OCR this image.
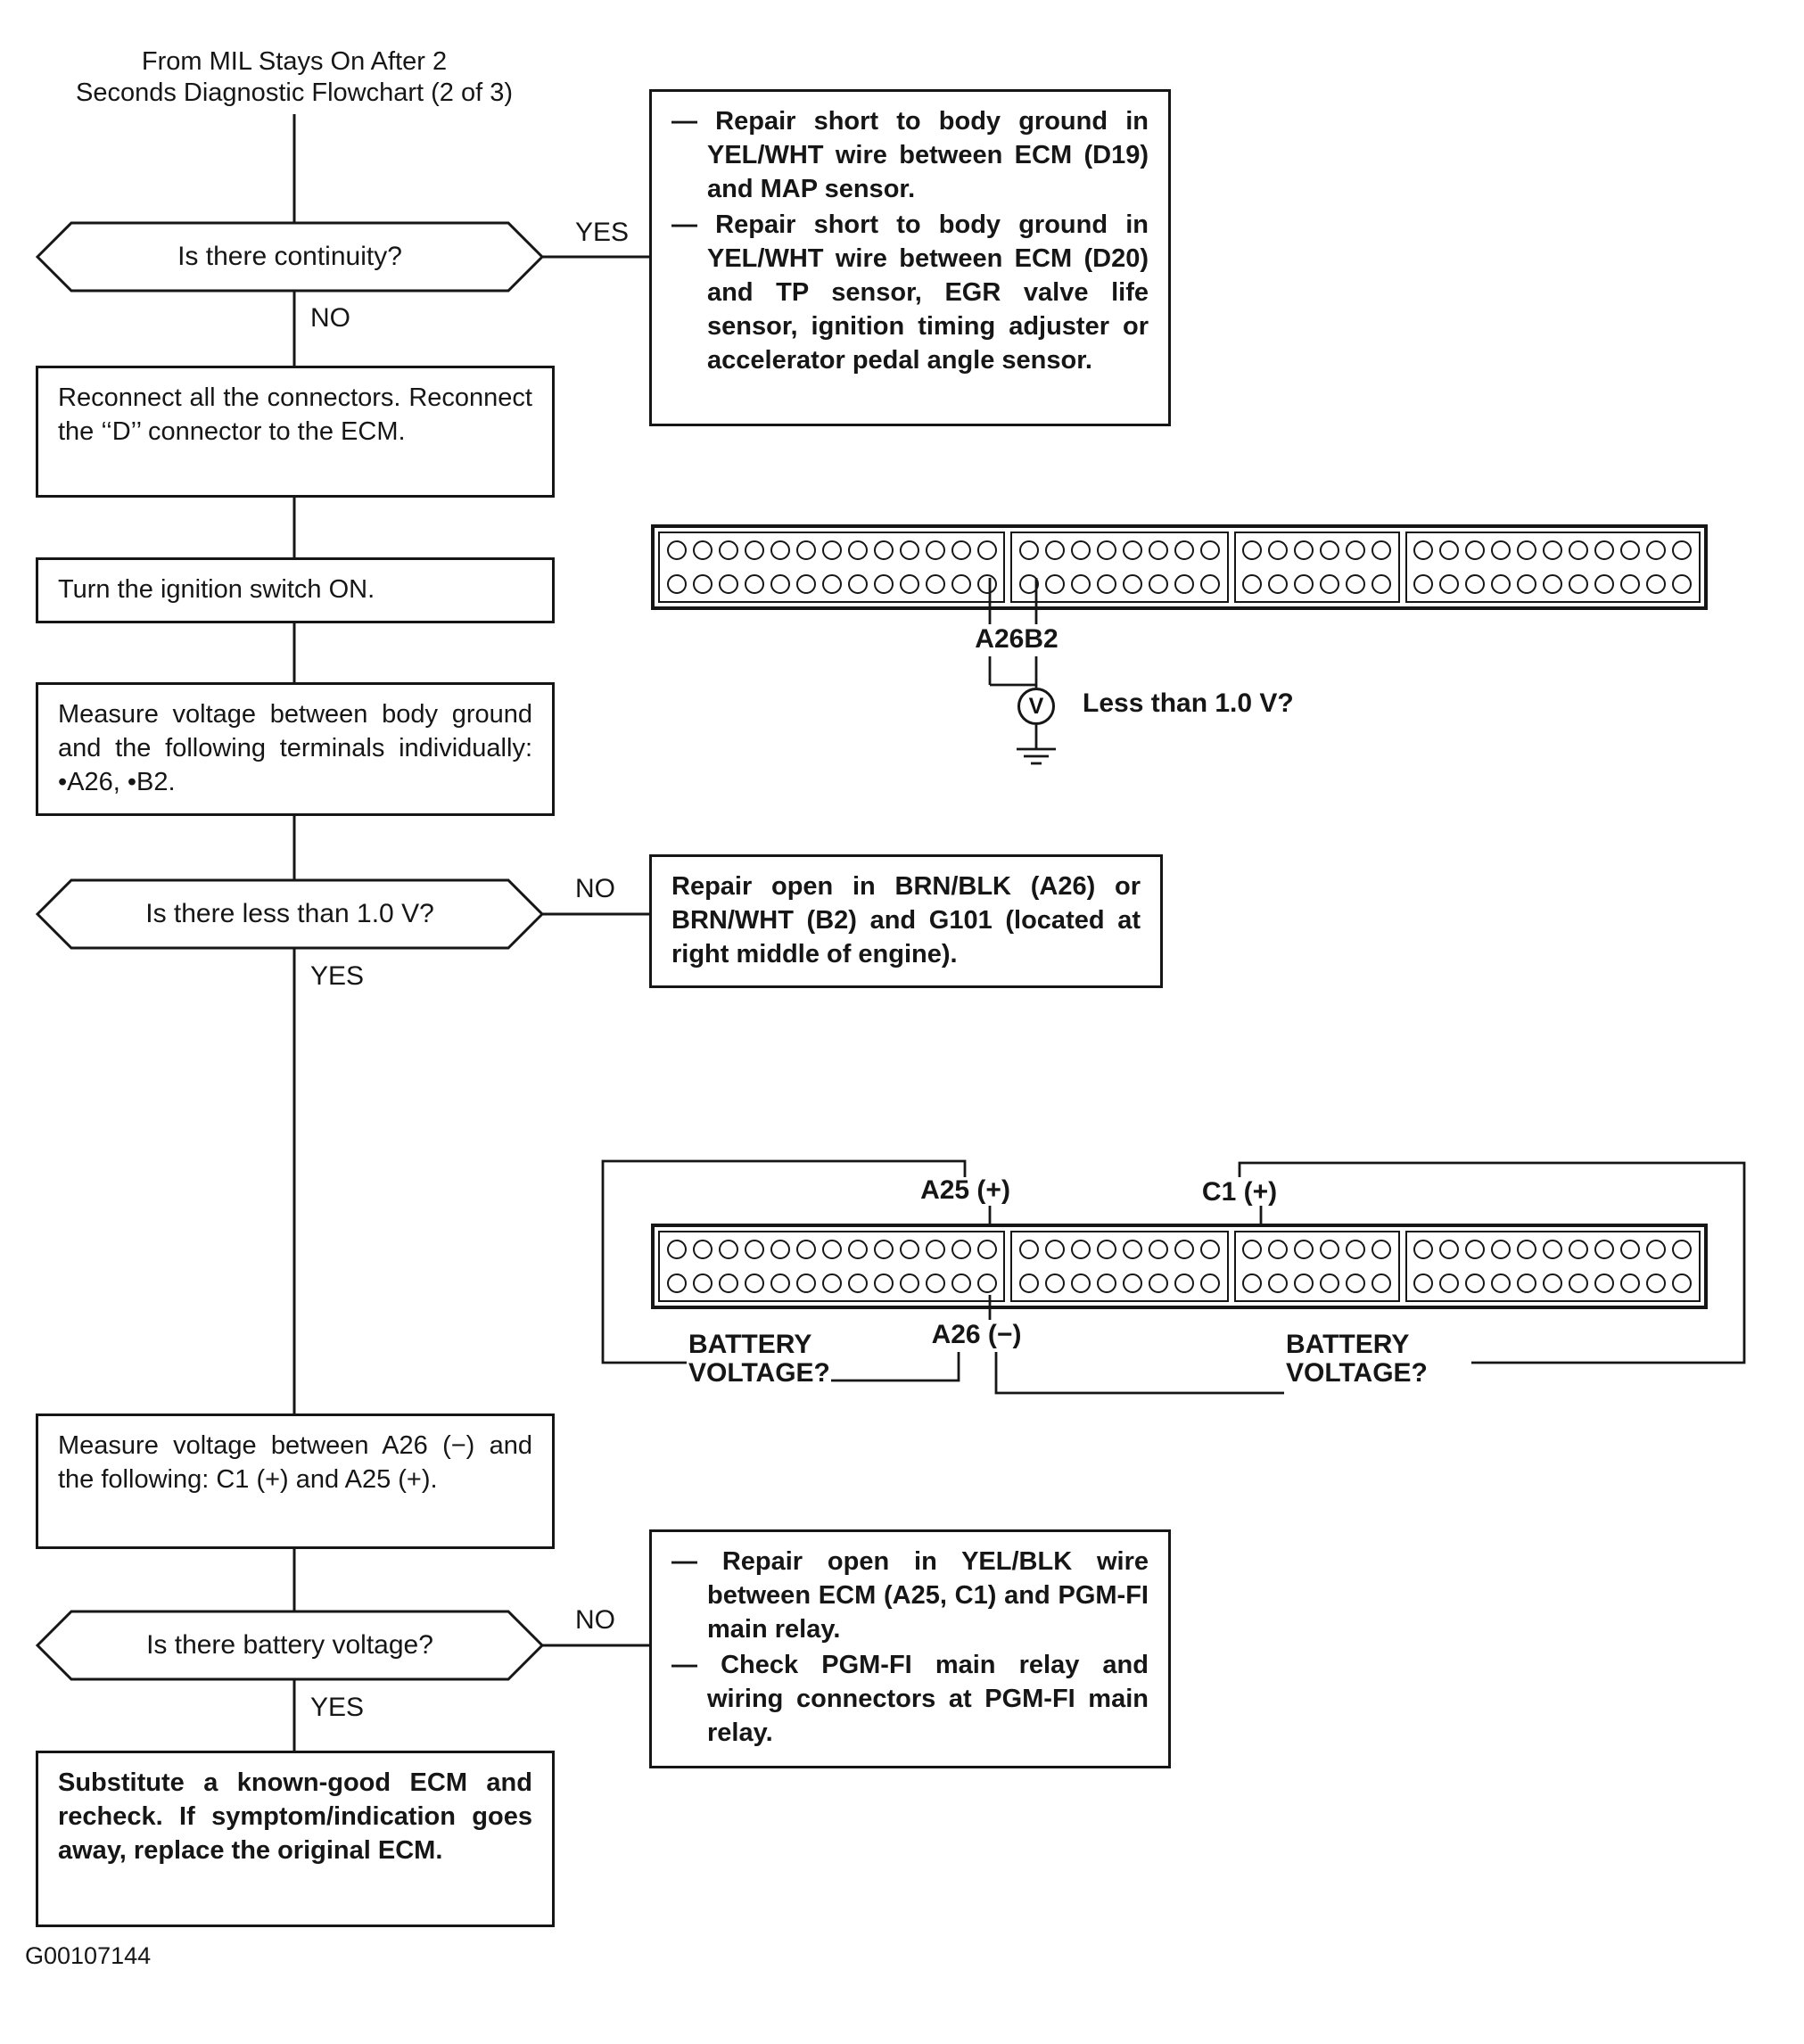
From MIL Stays On After 2
Seconds Diagnostic Flowchart (2 of 3)
Is there continuity?
YES
NO

— Repair short to body ground in YEL/WHT wire between ECM (D19) and MAP sensor.

— Repair short to body ground in YEL/WHT wire between ECM (D20) and TP sensor, EGR valve life sensor, ignition timing adjuster or accelerator pedal angle sensor.

Reconnect all the connectors. Reconnect the ‘‘D’’ connector to the ECM.
Turn the ignition switch ON.
A26B2
V	Less than 1.0 V?
Measure voltage between body ground and the following terminals individually: •A26, •B2.
Is there less than 1.0 V?
NO
YES
Repair open in BRN/BLK (A26) or BRN/WHT (B2) and G101 (located at right middle of engine).
A25 (+)	C1 (+)
A26 (−)
BATTERY VOLTAGE?
BATTERY VOLTAGE?
Measure voltage between A26 (−) and the following: C1 (+) and A25 (+).
Is there battery voltage?
NO
YES

— Repair open in YEL/BLK wire between ECM (A25, C1) and PGM-FI main relay.

— Check PGM-FI main relay and wiring connectors at PGM-FI main relay.

Substitute a known-good ECM and recheck. If symptom/indication goes away, replace the original ECM.
G00107144
